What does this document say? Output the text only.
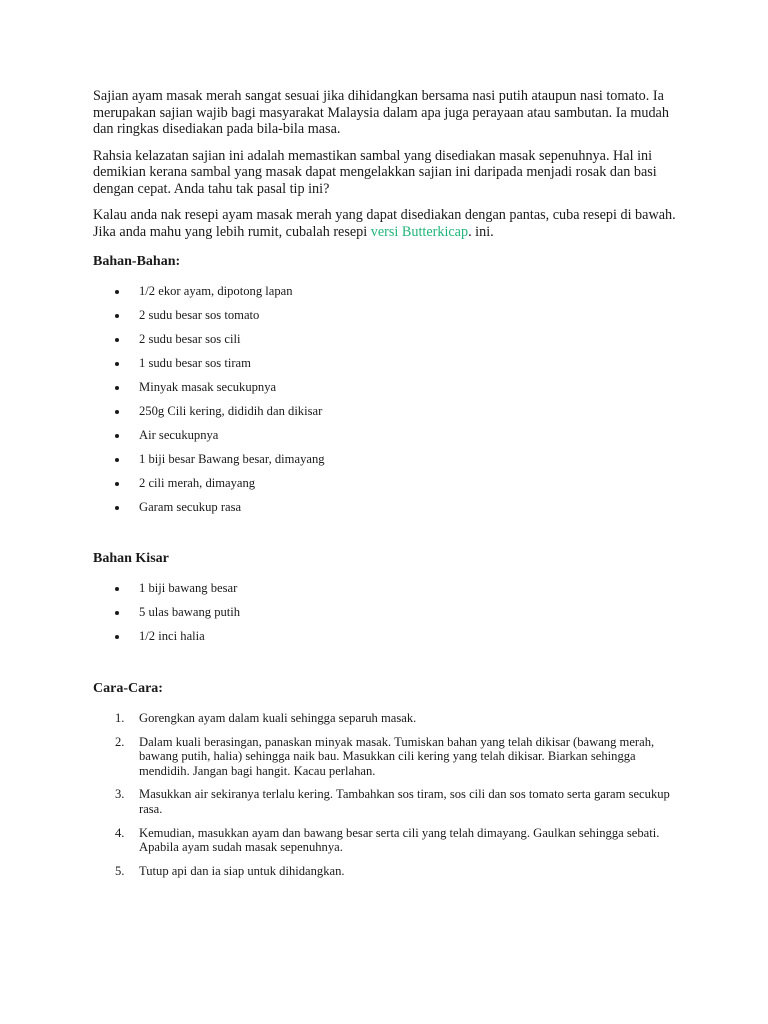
Sajian ayam masak merah sangat sesuai jika dihidangkan bersama nasi putih ataupun nasi tomato. Ia merupakan sajian wajib bagi masyarakat Malaysia dalam apa juga perayaan atau sambutan. Ia mudah dan ringkas disediakan pada bila-bila masa.

Rahsia kelazatan sajian ini adalah memastikan sambal yang disediakan masak sepenuhnya. Hal ini demikian kerana sambal yang masak dapat mengelakkan sajian ini daripada menjadi rosak dan basi dengan cepat. Anda tahu tak pasal tip ini?

Kalau anda nak resepi ayam masak merah yang dapat disediakan dengan pantas, cuba resepi di bawah. Jika anda mahu yang lebih rumit, cubalah resepi versi Butterkicap. ini.

Bahan-Bahan:
1/2 ekor ayam, dipotong lapan
2 sudu besar sos tomato
2 sudu besar sos cili
1 sudu besar sos tiram
Minyak masak secukupnya
250g Cili kering, dididih dan dikisar
Air secukupnya
1 biji besar Bawang besar, dimayang
2 cili merah, dimayang
Garam secukup rasa
Bahan Kisar
1 biji bawang besar
5 ulas bawang putih
1/2 inci halia
Cara-Cara:
1. Gorengkan ayam dalam kuali sehingga separuh masak.
2. Dalam kuali berasingan, panaskan minyak masak. Tumiskan bahan yang telah dikisar (bawang merah, bawang putih, halia) sehingga naik bau. Masukkan cili kering yang telah dikisar. Biarkan sehingga mendidih. Jangan bagi hangit. Kacau perlahan.
3. Masukkan air sekiranya terlalu kering. Tambahkan sos tiram, sos cili dan sos tomato serta garam secukup rasa.
4. Kemudian, masukkan ayam dan bawang besar serta cili yang telah dimayang. Gaulkan sehingga sebati. Apabila ayam sudah masak sepenuhnya.
5. Tutup api dan ia siap untuk dihidangkan.
